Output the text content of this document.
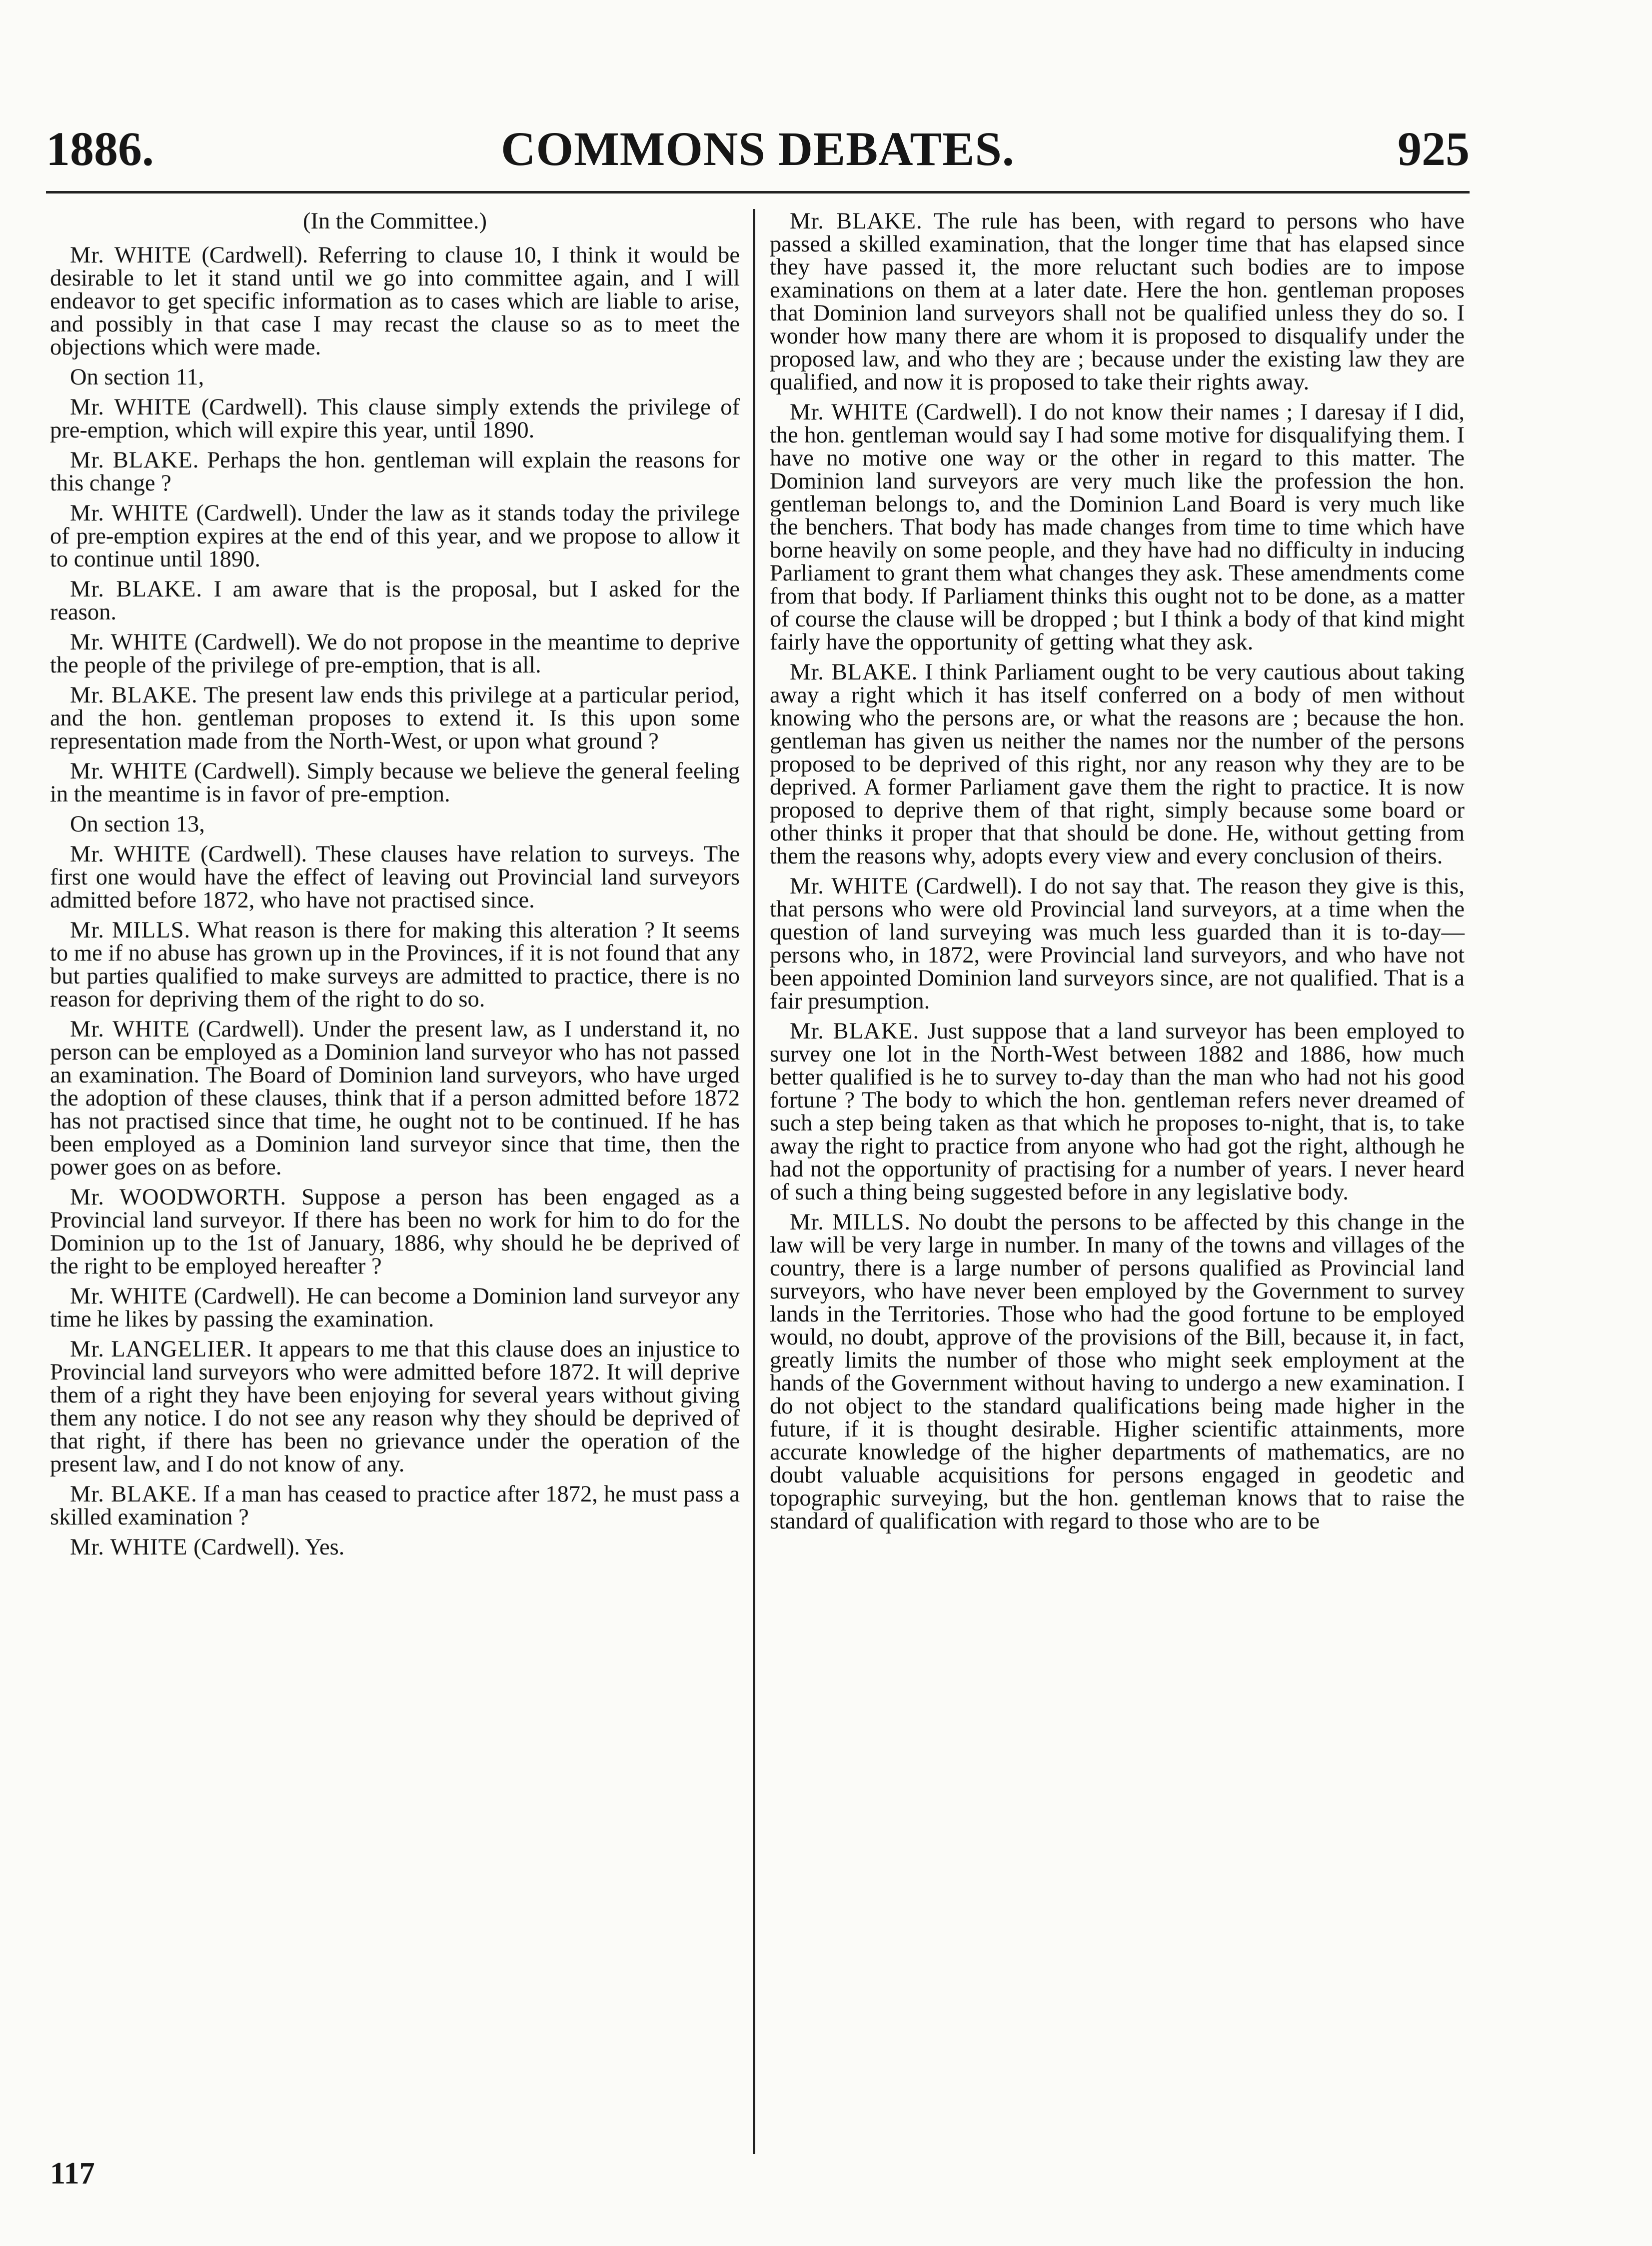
COMMONS DEBATES.
1886.	925

(In the Committee.)

Mr. WHITE (Cardwell). Referring to clause 10, I think it would be desirable to let it stand until we go into committee again, and I will endeavor to get specific information as to cases which are liable to arise, and possibly in that case I may recast the clause so as to meet the objections which were made.

On section 11,

Mr. WHITE (Cardwell). This clause simply extends the privilege of pre-emption, which will expire this year, until 1890.

Mr. BLAKE. Perhaps the hon. gentleman will explain the reasons for this change ?

Mr. WHITE (Cardwell). Under the law as it stands today the privilege of pre-emption expires at the end of this year, and we propose to allow it to continue until 1890.

Mr. BLAKE. I am aware that is the proposal, but I asked for the reason.

Mr. WHITE (Cardwell). We do not propose in the meantime to deprive the people of the privilege of pre-emption, that is all.

Mr. BLAKE. The present law ends this privilege at a particular period, and the hon. gentleman proposes to extend it. Is this upon some representation made from the North-West, or upon what ground ?

Mr. WHITE (Cardwell). Simply because we believe the general feeling in the meantime is in favor of pre-emption.

On section 13,

Mr. WHITE (Cardwell). These clauses have relation to surveys. The first one would have the effect of leaving out Provincial land surveyors admitted before 1872, who have not practised since.

Mr. MILLS. What reason is there for making this alteration ? It seems to me if no abuse has grown up in the Provinces, if it is not found that any but parties qualified to make surveys are admitted to practice, there is no reason for depriving them of the right to do so.

Mr. WHITE (Cardwell). Under the present law, as I understand it, no person can be employed as a Dominion land surveyor who has not passed an examination. The Board of Dominion land surveyors, who have urged the adoption of these clauses, think that if a person admitted before 1872 has not practised since that time, he ought not to be continued. If he has been employed as a Dominion land surveyor since that time, then the power goes on as before.

Mr. WOODWORTH. Suppose a person has been engaged as a Provincial land surveyor. If there has been no work for him to do for the Dominion up to the 1st of January, 1886, why should he be deprived of the right to be employed hereafter ?

Mr. WHITE (Cardwell). He can become a Dominion land surveyor any time he likes by passing the examination.

Mr. LANGELIER. It appears to me that this clause does an injustice to Provincial land surveyors who were admitted before 1872. It will deprive them of a right they have been enjoying for several years without giving them any notice. I do not see any reason why they should be deprived of that right, if there has been no grievance under the operation of the present law, and I do not know of any.

Mr. BLAKE. If a man has ceased to practice after 1872, he must pass a skilled examination ?

Mr. WHITE (Cardwell). Yes.

Mr. BLAKE. The rule has been, with regard to persons who have passed a skilled examination, that the longer time that has elapsed since they have passed it, the more reluctant such bodies are to impose examinations on them at a later date. Here the hon. gentleman proposes that Dominion land surveyors shall not be qualified unless they do so. I wonder how many there are whom it is proposed to disqualify under the proposed law, and who they are ; because under the existing law they are qualified, and now it is proposed to take their rights away.

Mr. WHITE (Cardwell). I do not know their names ; I daresay if I did, the hon. gentleman would say I had some motive for disqualifying them. I have no motive one way or the other in regard to this matter. The Dominion land surveyors are very much like the profession the hon. gentleman belongs to, and the Dominion Land Board is very much like the benchers. That body has made changes from time to time which have borne heavily on some people, and they have had no difficulty in inducing Parliament to grant them what changes they ask. These amendments come from that body. If Parliament thinks this ought not to be done, as a matter of course the clause will be dropped ; but I think a body of that kind might fairly have the opportunity of getting what they ask.

Mr. BLAKE. I think Parliament ought to be very cautious about taking away a right which it has itself conferred on a body of men without knowing who the persons are, or what the reasons are ; because the hon. gentleman has given us neither the names nor the number of the persons proposed to be deprived of this right, nor any reason why they are to be deprived. A former Parliament gave them the right to practice. It is now proposed to deprive them of that right, simply because some board or other thinks it proper that that should be done. He, without getting from them the reasons why, adopts every view and every conclusion of theirs.

Mr. WHITE (Cardwell). I do not say that. The reason they give is this, that persons who were old Provincial land surveyors, at a time when the question of land surveying was much less guarded than it is to-day—persons who, in 1872, were Provincial land surveyors, and who have not been appointed Dominion land surveyors since, are not qualified. That is a fair presumption.

Mr. BLAKE. Just suppose that a land surveyor has been employed to survey one lot in the North-West between 1882 and 1886, how much better qualified is he to survey to-day than the man who had not his good fortune ? The body to which the hon. gentleman refers never dreamed of such a step being taken as that which he proposes to-night, that is, to take away the right to practice from anyone who had got the right, although he had not the opportunity of practising for a number of years. I never heard of such a thing being suggested before in any legislative body.

Mr. MILLS. No doubt the persons to be affected by this change in the law will be very large in number. In many of the towns and villages of the country, there is a large number of persons qualified as Provincial land surveyors, who have never been employed by the Government to survey lands in the Territories. Those who had the good fortune to be employed would, no doubt, approve of the provisions of the Bill, because it, in fact, greatly limits the number of those who might seek employment at the hands of the Government without having to undergo a new examination. I do not object to the standard qualifications being made higher in the future, if it is thought desirable. Higher scientific attainments, more accurate knowledge of the higher departments of mathematics, are no doubt valuable acquisitions for persons engaged in geodetic and topographic surveying, but the hon. gentleman knows that to raise the standard of qualification with regard to those who are to be

117
